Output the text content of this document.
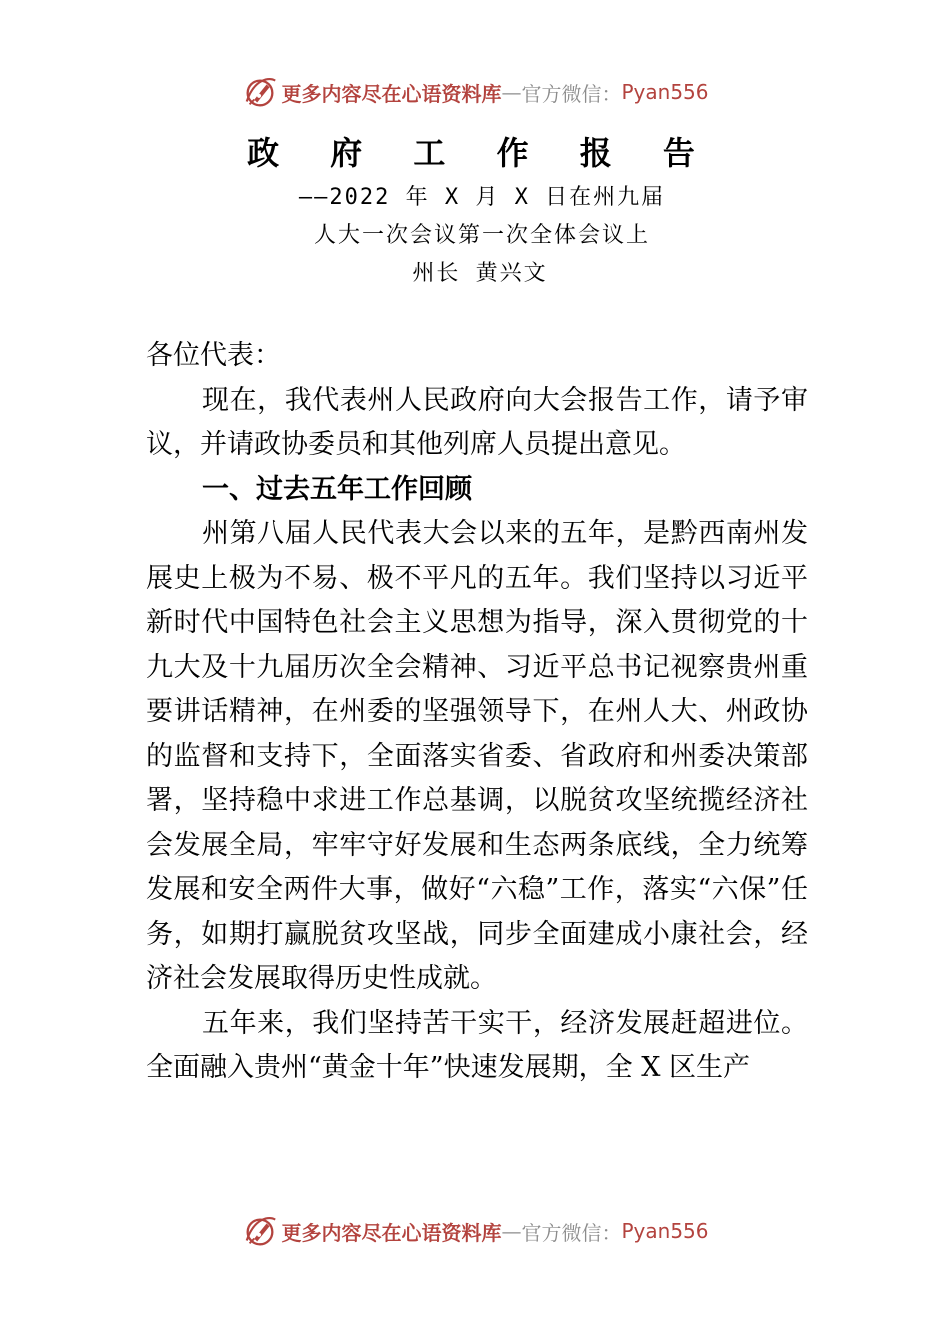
更多内容尽在心语资料库 — 官方微信： Pyan556
政 府 工 作 报 告
——2022 年 X 月 X 日在州九届
人大一次会议第一次全体会议上
州长 黄兴文

各位代表：

现在，我代表州人民政府向大会报告工作，请予审议，并请政协委员和其他列席人员提出意见。

一、过去五年工作回顾

州第八届人民代表大会以来的五年，是黔西南州发展史上极为不易、极不平凡的五年。我们坚持以习近平新时代中国特色社会主义思想为指导，深入贯彻党的十九大及十九届历次全会精神、习近平总书记视察贵州重要讲话精神，在州委的坚强领导下，在州人大、州政协的监督和支持下，全面落实省委、省政府和州委决策部署，坚持稳中求进工作总基调，以脱贫攻坚统揽经济社会发展全局，牢牢守好发展和生态两条底线，全力统筹发展和安全两件大事，做好“六稳”工作，落实“六保”任务，如期打赢脱贫攻坚战，同步全面建成小康社会，经济社会发展取得历史性成就。

五年来，我们坚持苦干实干，经济发展赶超进位。全面融入贵州“黄金十年”快速发展期，全 X 区生产

更多内容尽在心语资料库 — 官方微信： Pyan556
